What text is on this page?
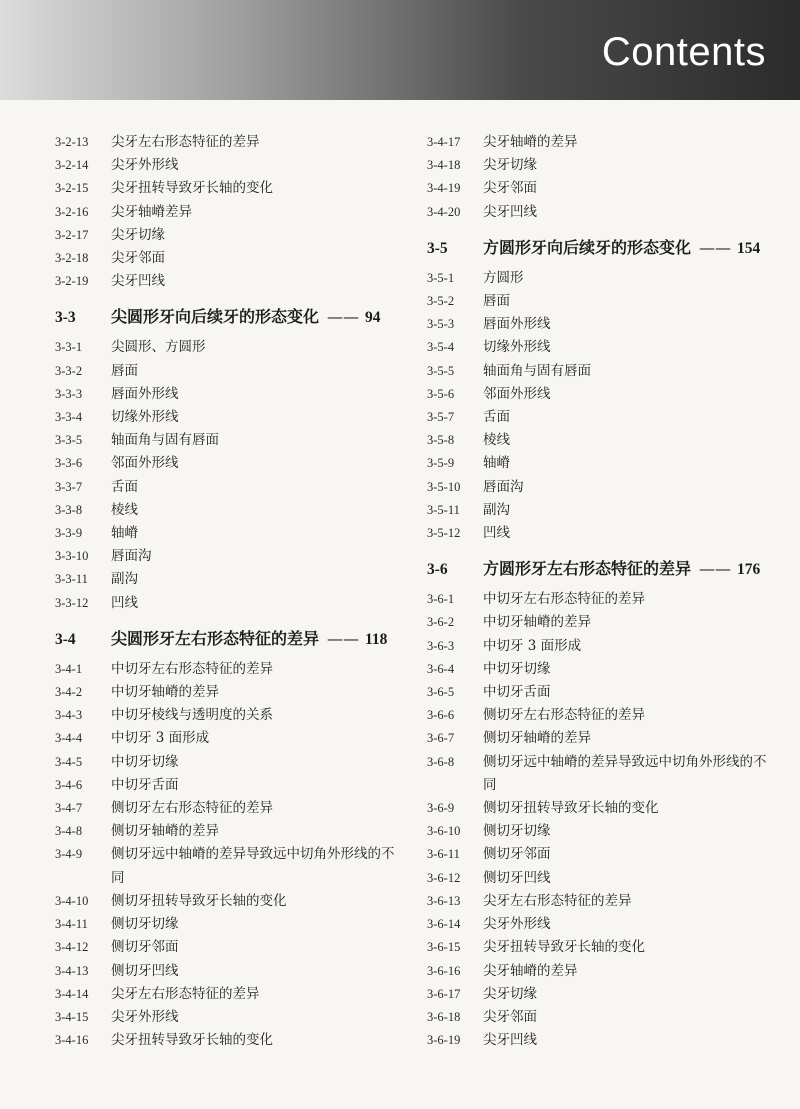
Contents
3-2-13	尖牙左右形态特征的差异
3-2-14	尖牙外形线
3-2-15	尖牙扭转导致牙长轴的变化
3-2-16	尖牙轴嵴差异
3-2-17	尖牙切缘
3-2-18	尖牙邻面
3-2-19	尖牙凹线
3-3	尖圆形牙向后续牙的形态变化 —— 94
3-3-1	尖圆形、方圆形
3-3-2	唇面
3-3-3	唇面外形线
3-3-4	切缘外形线
3-3-5	轴面角与固有唇面
3-3-6	邻面外形线
3-3-7	舌面
3-3-8	棱线
3-3-9	轴嵴
3-3-10	唇面沟
3-3-11	副沟
3-3-12	凹线
3-4	尖圆形牙左右形态特征的差异 —— 118
3-4-1	中切牙左右形态特征的差异
3-4-2	中切牙轴嵴的差异
3-4-3	中切牙棱线与透明度的关系
3-4-4	中切牙 3 面形成
3-4-5	中切牙切缘
3-4-6	中切牙舌面
3-4-7	侧切牙左右形态特征的差异
3-4-8	侧切牙轴嵴的差异
3-4-9	侧切牙远中轴嵴的差异导致远中切角外形线的不同
3-4-10	侧切牙扭转导致牙长轴的变化
3-4-11	侧切牙切缘
3-4-12	侧切牙邻面
3-4-13	侧切牙凹线
3-4-14	尖牙左右形态特征的差异
3-4-15	尖牙外形线
3-4-16	尖牙扭转导致牙长轴的变化
3-4-17	尖牙轴嵴的差异
3-4-18	尖牙切缘
3-4-19	尖牙邻面
3-4-20	尖牙凹线
3-5	方圆形牙向后续牙的形态变化 —— 154
3-5-1	方圆形
3-5-2	唇面
3-5-3	唇面外形线
3-5-4	切缘外形线
3-5-5	轴面角与固有唇面
3-5-6	邻面外形线
3-5-7	舌面
3-5-8	棱线
3-5-9	轴嵴
3-5-10	唇面沟
3-5-11	副沟
3-5-12	凹线
3-6	方圆形牙左右形态特征的差异 —— 176
3-6-1	中切牙左右形态特征的差异
3-6-2	中切牙轴嵴的差异
3-6-3	中切牙 3 面形成
3-6-4	中切牙切缘
3-6-5	中切牙舌面
3-6-6	侧切牙左右形态特征的差异
3-6-7	侧切牙轴嵴的差异
3-6-8	侧切牙远中轴嵴的差异导致远中切角外形线的不同
3-6-9	侧切牙扭转导致牙长轴的变化
3-6-10	侧切牙切缘
3-6-11	侧切牙邻面
3-6-12	侧切牙凹线
3-6-13	尖牙左右形态特征的差异
3-6-14	尖牙外形线
3-6-15	尖牙扭转导致牙长轴的变化
3-6-16	尖牙轴嵴的差异
3-6-17	尖牙切缘
3-6-18	尖牙邻面
3-6-19	尖牙凹线
